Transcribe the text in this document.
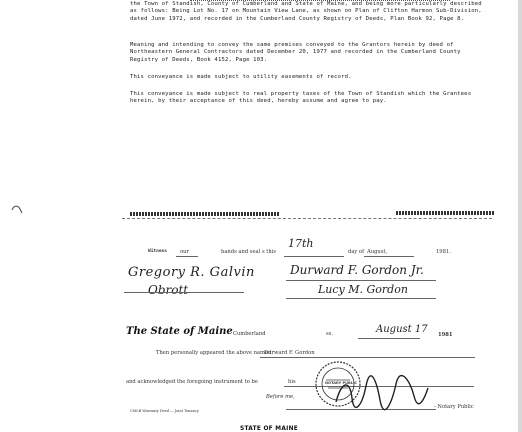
the Town of Standish, County of Cumberland and State of Maine, and being more particularly described as follows: Being Lot No. 17 on Mountain View Lane, as shown on Plan of Clifton Harmon Sub-Division, dated June 1972, and recorded in the Cumberland County Registry of Deeds, Plan Book 92, Page 8.
Meaning and intending to convey the same premises conveyed to the Grantors herein by deed of Northeastern General Contractors dated December 20, 1977 and recorded in the Cumberland County Registry of Deeds, Book 4152, Page 103.
This conveyance is made subject to utility easements of record.
This conveyance is made subject to real property taxes of the Town of Standish which the Grantees herein, by their acceptance of this deed, hereby assume and agree to pay.
Witness	our	hands and seal s this
17th
day of August,	1981.
Gregory R. Galvin
Obrott
Durward F. Gordon Jr.
Lucy M. Gordon
The State of Maine Cumberland	ss.	August 17 1981
Then personally appeared the above named
Durward F. Gordon
and acknowledged the foregoing instrument to be	his
Before me,
- Notary Public
NOTARY PUBLIC
CMLB Warranty Deed — Joint Tenancy
STATE OF MAINE
